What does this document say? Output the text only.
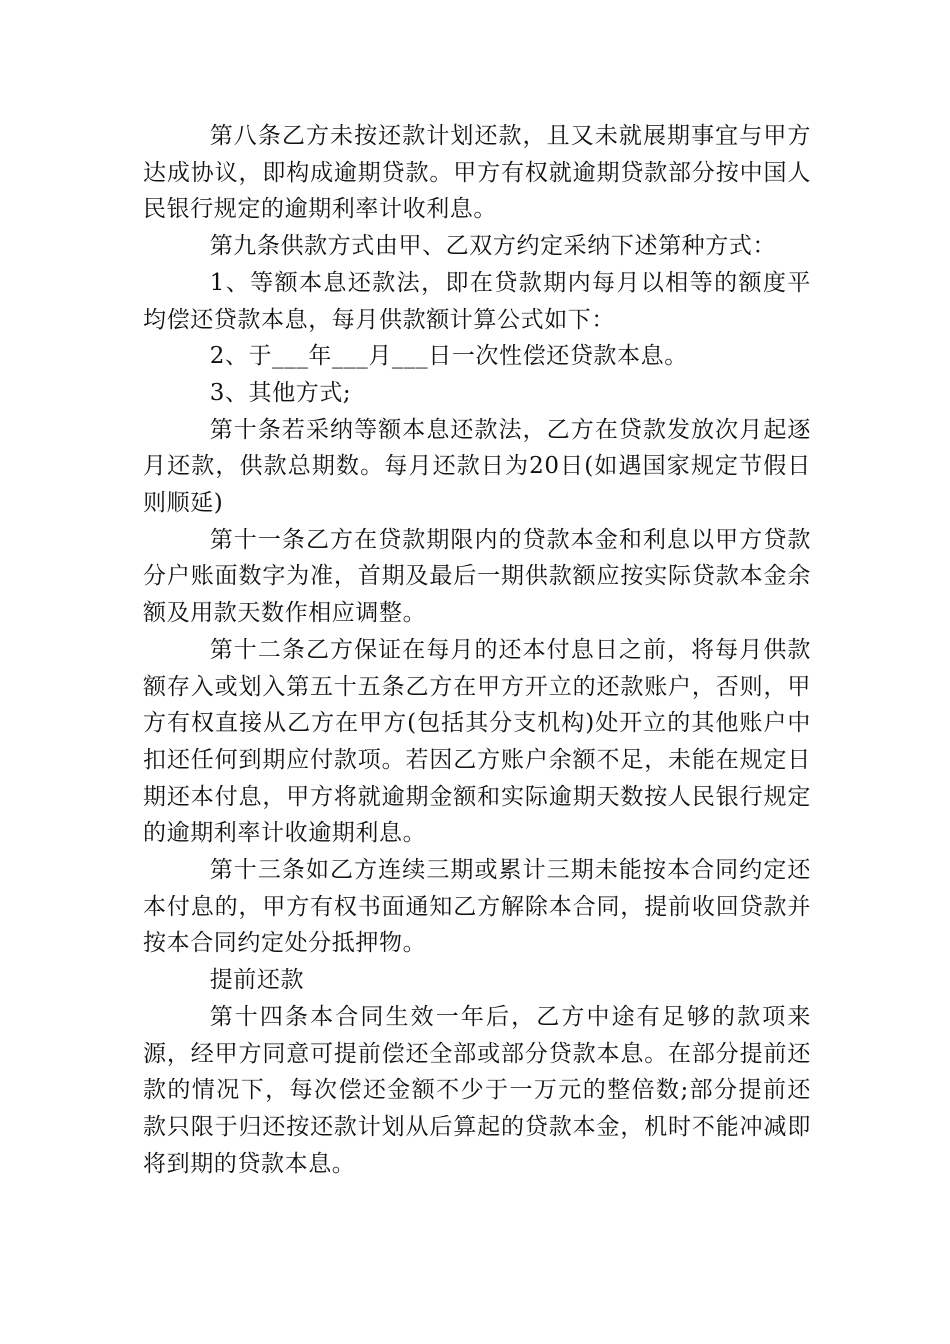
第八条乙方未按还款计划还款，且又未就展期事宜与甲方达成协议，即构成逾期贷款。甲方有权就逾期贷款部分按中国人民银行规定的逾期利率计收利息。

第九条供款方式由甲、乙双方约定采纳下述第种方式：

1、等额本息还款法，即在贷款期内每月以相等的额度平均偿还贷款本息，每月供款额计算公式如下：

2、于___年___月___日一次性偿还贷款本息。

3、其他方式;

第十条若采纳等额本息还款法，乙方在贷款发放次月起逐月还款，供款总期数。每月还款日为20日(如遇国家规定节假日则顺延)

第十一条乙方在贷款期限内的贷款本金和利息以甲方贷款分户账面数字为准，首期及最后一期供款额应按实际贷款本金余额及用款天数作相应调整。

第十二条乙方保证在每月的还本付息日之前，将每月供款额存入或划入第五十五条乙方在甲方开立的还款账户，否则，甲方有权直接从乙方在甲方(包括其分支机构)处开立的其他账户中扣还任何到期应付款项。若因乙方账户余额不足，未能在规定日期还本付息，甲方将就逾期金额和实际逾期天数按人民银行规定的逾期利率计收逾期利息。

第十三条如乙方连续三期或累计三期未能按本合同约定还本付息的，甲方有权书面通知乙方解除本合同，提前收回贷款并按本合同约定处分抵押物。

提前还款

第十四条本合同生效一年后，乙方中途有足够的款项来源，经甲方同意可提前偿还全部或部分贷款本息。在部分提前还款的情况下，每次偿还金额不少于一万元的整倍数;部分提前还款只限于归还按还款计划从后算起的贷款本金，机时不能冲减即将到期的贷款本息。
